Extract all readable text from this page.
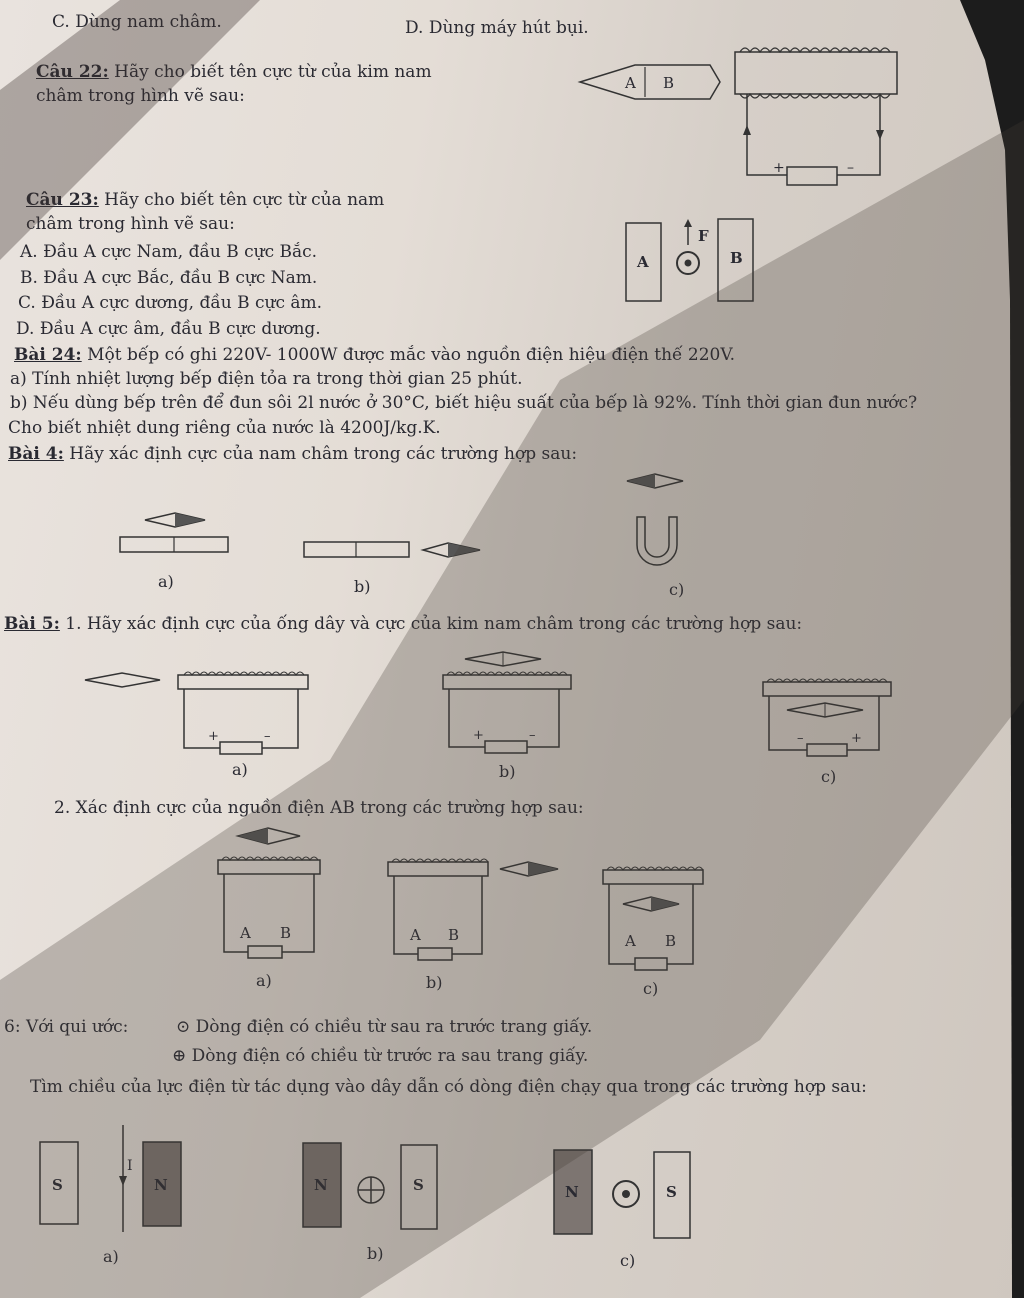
C. Dùng nam châm.	D. Dùng máy hút bụi.
Câu 22: Hãy cho biết tên cực từ của kim nam
châm trong hình vẽ sau:
Câu 23: Hãy cho biết tên cực từ của nam
châm trong hình vẽ sau:
A. Đầu A cực Nam, đầu B cực Bắc.
B. Đầu A cực Bắc, đầu B cực Nam.
C. Đầu A cực dương, đầu B cực âm.
D. Đầu A cực âm, đầu B cực dương.
Bài 24: Một bếp có ghi 220V- 1000W được mắc vào nguồn điện hiệu điện thế 220V.
a) Tính nhiệt lượng bếp điện tỏa ra trong thời gian 25 phút.
b) Nếu dùng bếp trên để đun sôi 2l nước ở 30°C, biết hiệu suất của bếp là 92%. Tính thời gian đun nước?
Cho biết nhiệt dung riêng của nước là 4200J/kg.K.
Bài 4: Hãy xác định cực của nam châm trong các trường hợp sau:
Bài 5: 1. Hãy xác định cực của ống dây và cực của kim nam châm trong các trường hợp sau:
2. Xác định cực của nguồn điện AB trong các trường hợp sau:
6: Với qui ước:	⊙ Dòng điện có chiều từ sau ra trước trang giấy.
⊕ Dòng điện có chiều từ trước ra sau trang giấy.
Tìm chiều của lực điện từ tác dụng vào dây dẫn có dòng điện chạy qua trong các trường hợp sau:
A B
+	–
A	B
F
a)	b)	c)
+	–
a)
+	–
b)
–	+
c)
A B
a)
A B
b)
A B
c)
S
I
N
a)
N	S
b)
N	S
c)
